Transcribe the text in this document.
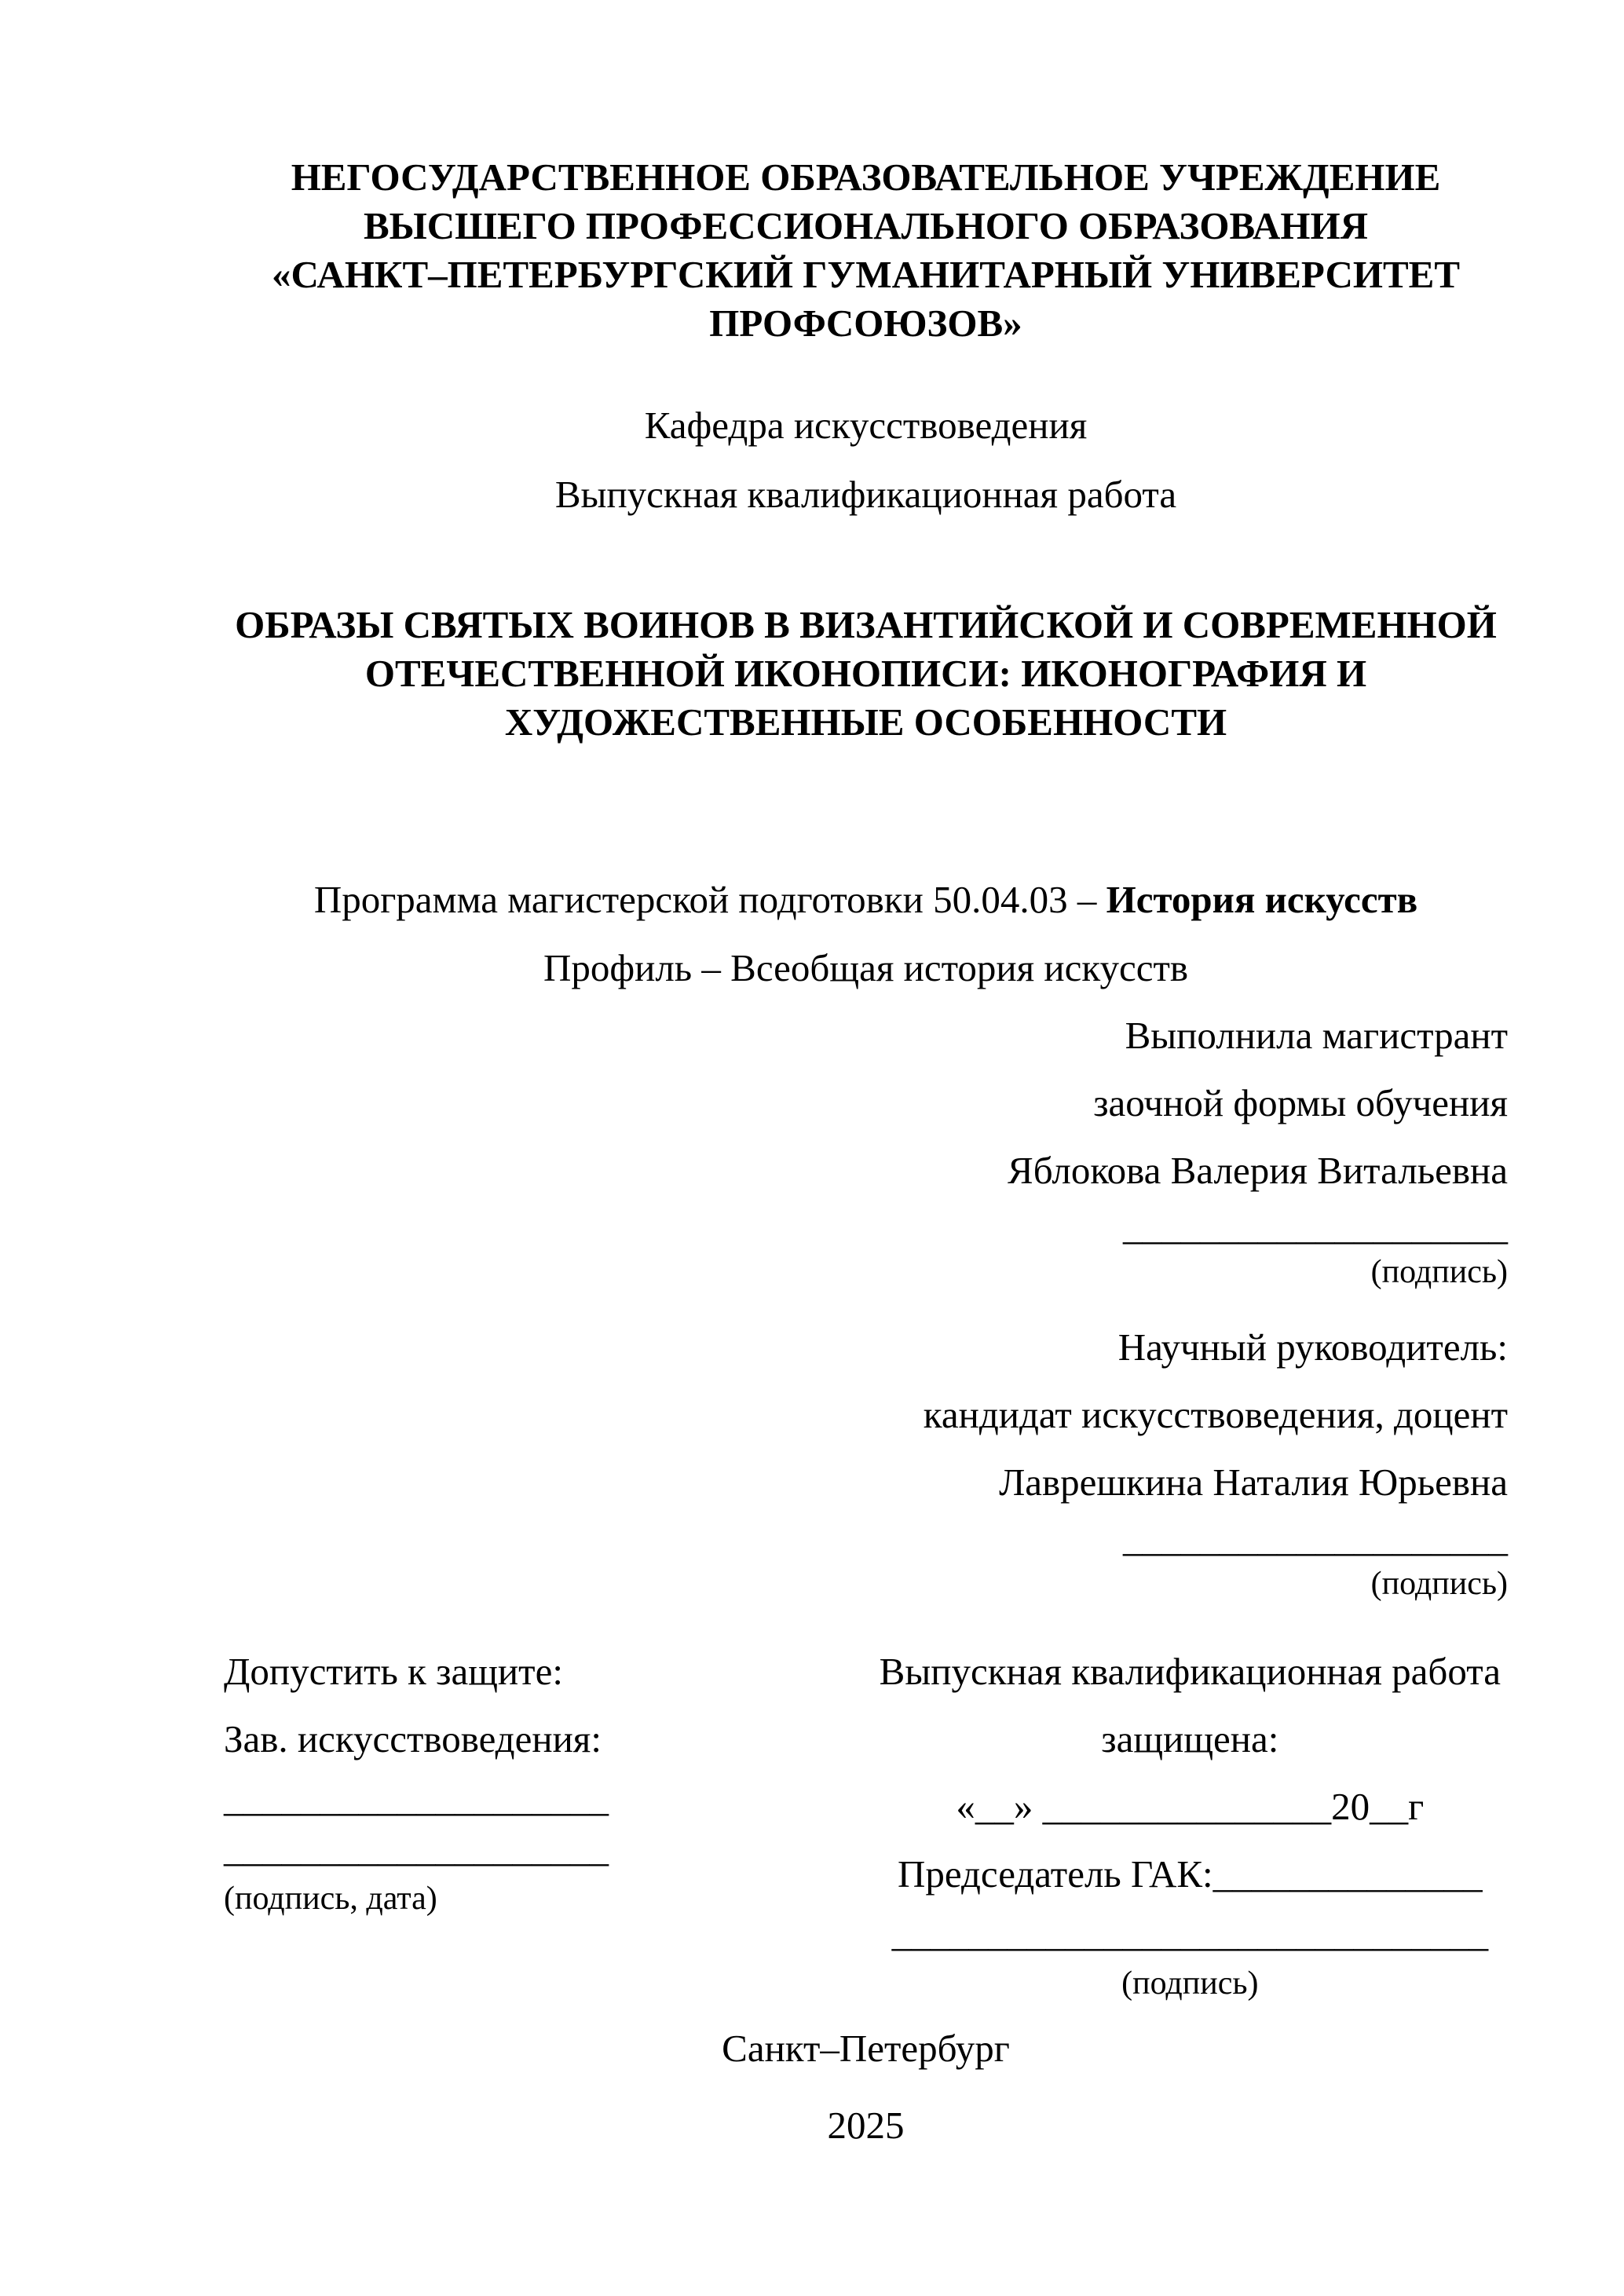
НЕГОСУДАРСТВЕННОЕ ОБРАЗОВАТЕЛЬНОЕ УЧРЕЖДЕНИЕ
ВЫСШЕГО ПРОФЕССИОНАЛЬНОГО ОБРАЗОВАНИЯ
«САНКТ–ПЕТЕРБУРГСКИЙ ГУМАНИТАРНЫЙ УНИВЕРСИТЕТ
ПРОФСОЮЗОВ»
Кафедра искусствоведения
Выпускная квалификационная работа
ОБРАЗЫ СВЯТЫХ ВОИНОВ В ВИЗАНТИЙСКОЙ И СОВРЕМЕННОЙ
ОТЕЧЕСТВЕННОЙ ИКОНОПИСИ: ИКОНОГРАФИЯ И
ХУДОЖЕСТВЕННЫЕ ОСОБЕННОСТИ
Программа магистерской подготовки 50.04.03 – История искусств
Профиль – Всеобщая история искусств
Выполнила магистрант
заочной формы обучения
Яблокова Валерия Витальевна
____________________
(подпись)
Научный руководитель:
кандидат искусствоведения, доцент
Лаврешкина Наталия Юрьевна
____________________
(подпись)
Допустить к защите:
Зав. искусствоведения:
____________________
____________________
(подпись, дата)
Выпускная квалификационная работа
защищена:
«__» _______________20__г
Председатель ГАК:______________
_______________________________
(подпись)
Санкт–Петербург
2025
